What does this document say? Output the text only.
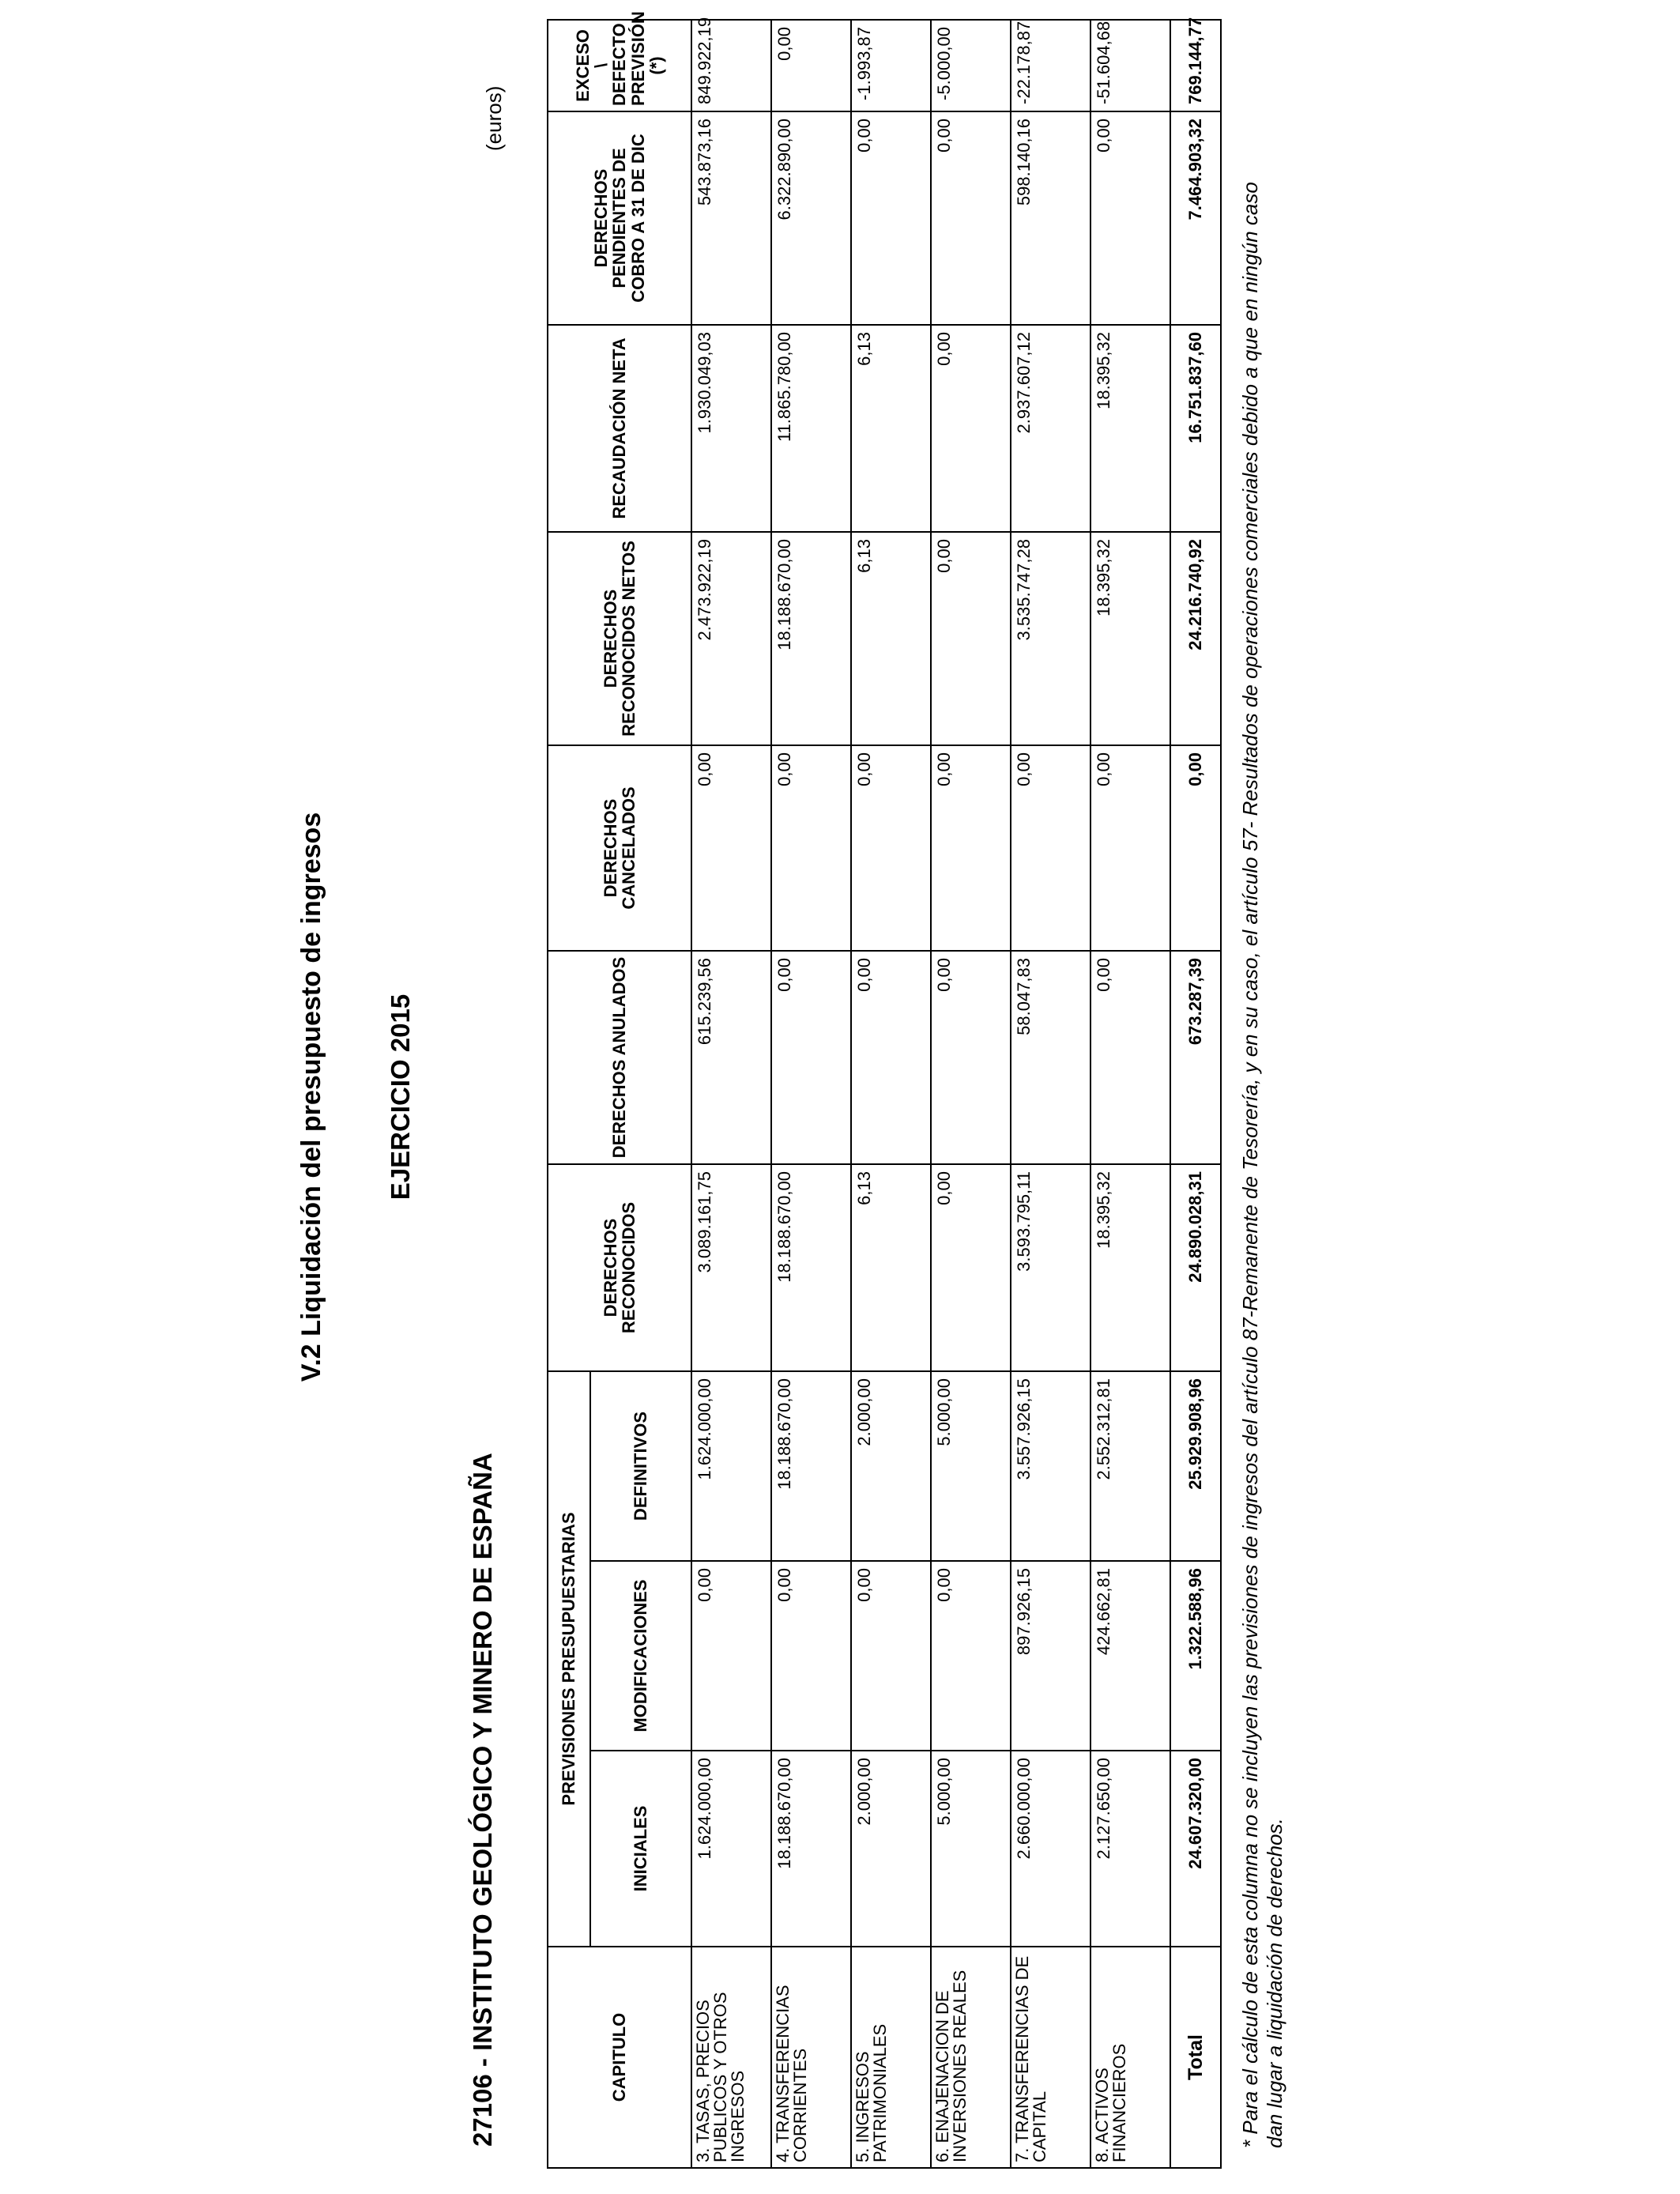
V.2 Liquidación del presupuesto de ingresos EJERCICIO 2015
27106 - INSTITUTO GEOLÓGICO Y MINERO DE ESPAÑA
(euros)
CAPITULO	PREVISIONES PRESUPUESTARIAS			DERECHOS RECONOCIDOS	DERECHOS ANULADOS	DERECHOS CANCELADOS	DERECHOS RECONOCIDOS NETOS	RECAUDACIÓN NETA	DERECHOS PENDIENTES DE COBRO A 31 DE DIC	EXCESO \ DEFECTO PREVISIÓN (*)
	INICIALES	MODIFICACIONES	DEFINITIVOS							
3. TASAS, PRECIOS PUBLICOS Y OTROS INGRESOS	1.624.000,00	0,00	1.624.000,00	3.089.161,75	615.239,56	0,00	2.473.922,19	1.930.049,03	543.873,16	849.922,19
4. TRANSFERENCIAS CORRIENTES	18.188.670,00	0,00	18.188.670,00	18.188.670,00	0,00	0,00	18.188.670,00	11.865.780,00	6.322.890,00	0,00
5. INGRESOS PATRIMONIALES	2.000,00	0,00	2.000,00	6,13	0,00	0,00	6,13	6,13	0,00	-1.993,87
6. ENAJENACION DE INVERSIONES REALES	5.000,00	0,00	5.000,00	0,00	0,00	0,00	0,00	0,00	0,00	-5.000,00
7. TRANSFERENCIAS DE CAPITAL	2.660.000,00	897.926,15	3.557.926,15	3.593.795,11	58.047,83	0,00	3.535.747,28	2.937.607,12	598.140,16	-22.178,87
8. ACTIVOS FINANCIEROS	2.127.650,00	424.662,81	2.552.312,81	18.395,32	0,00	0,00	18.395,32	18.395,32	0,00	-51.604,68
Total	24.607.320,00	1.322.588,96	25.929.908,96	24.890.028,31	673.287,39	0,00	24.216.740,92	16.751.837,60	7.464.903,32	769.144,77
* Para el cálculo de esta columna no se incluyen las previsiones de ingresos del artículo 87-Remanente de Tesorería, y en su caso, el artículo 57- Resultados de operaciones comerciales debido a que en ningún caso dan lugar a liquidación de derechos.
